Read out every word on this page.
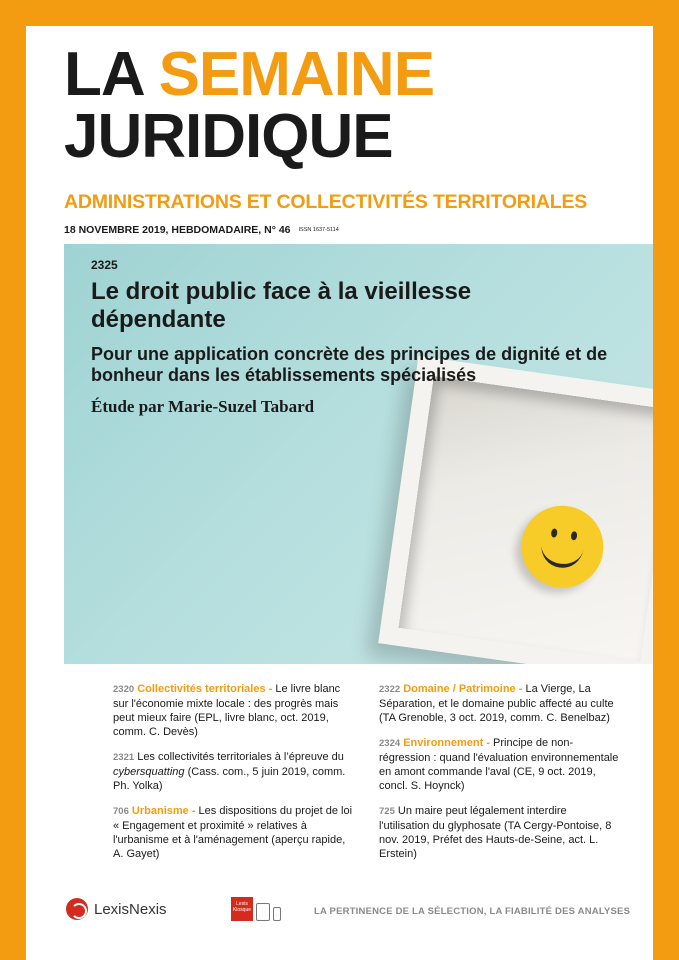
LA SEMAINE
JURIDIQUE
ADMINISTRATIONS ET COLLECTIVITÉS TERRITORIALES
18 NOVEMBRE 2019, HEBDOMADAIRE, N° 46 ISSN 1637-5114
2325
Le droit public face à la vieillesse dépendante
Pour une application concrète des principes de dignité et de bonheur dans les établissements spécialisés
Étude par Marie-Suzel Tabard
2320 Collectivités territoriales - Le livre blanc sur l'économie mixte locale : des progrès mais peut mieux faire (EPL, livre blanc, oct. 2019, comm. C. Devès)
2321 Les collectivités territoriales à l’épreuve du cybersquatting (Cass. com., 5 juin 2019, comm. Ph. Yolka)
706 Urbanisme - Les dispositions du projet de loi « Engagement et proximité » relatives à l'urbanisme et à l'aménagement (aperçu rapide, A. Gayet)
2322 Domaine / Patrimoine - La Vierge, La Séparation, et le domaine public affecté au culte (TA Grenoble, 3 oct. 2019, comm. C. Benelbaz)
2324 Environnement - Principe de non-régression : quand l'évaluation environnementale en amont commande l'aval (CE, 9 oct. 2019, concl. S. Hoynck)
725 Un maire peut légalement interdire l'utilisation du glyphosate (TA Cergy-Pontoise, 8 nov. 2019, Préfet des Hauts-de-Seine, act. L. Erstein)
LexisNexis	Lexis Kiosque	LA PERTINENCE DE LA SÉLECTION, LA FIABILITÉ DES ANALYSES
